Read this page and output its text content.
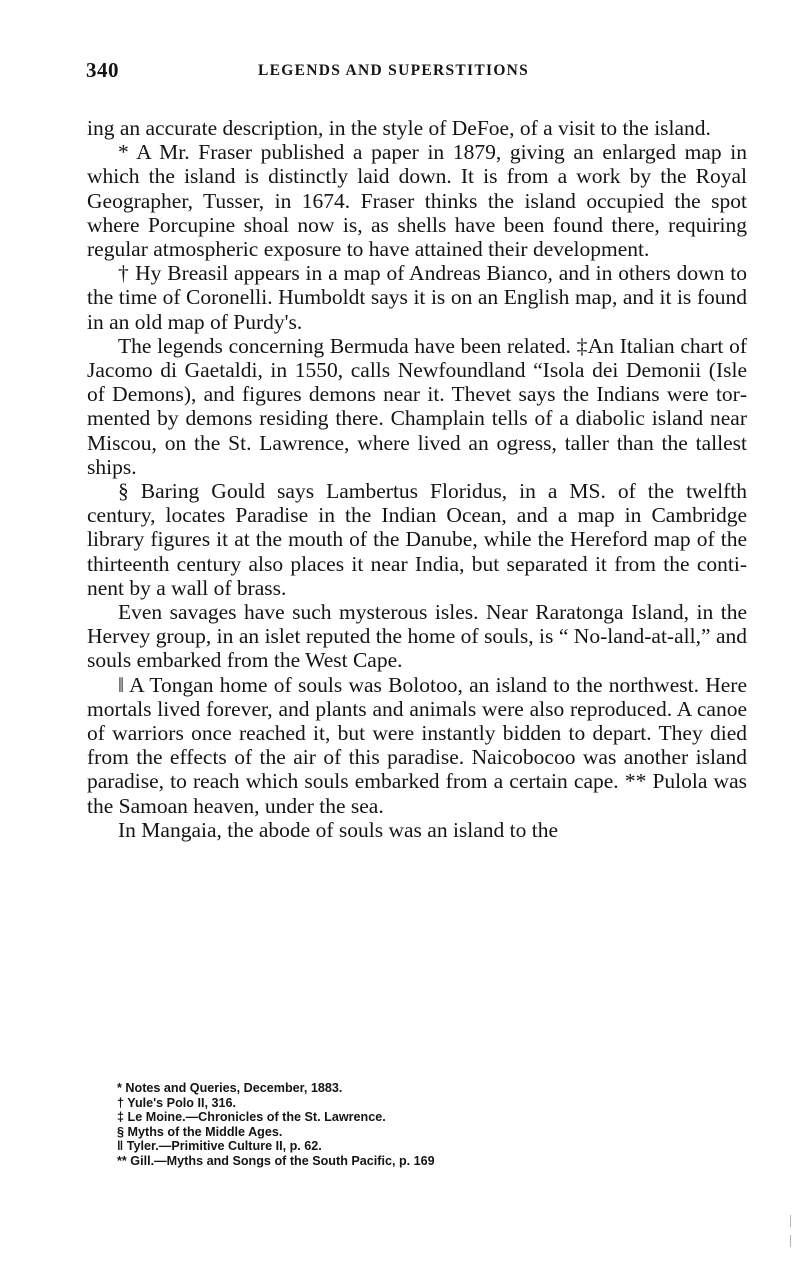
340	LEGENDS AND SUPERSTITIONS

ing an accurate description, in the style of DeFoe, of a visit to the island.

* A Mr. Fraser published a paper in 1879, giving an enlarged map in which the island is distinctly laid down. It is from a work by the Royal Geographer, Tusser, in 1674. Fraser thinks the island occupied the spot where Porcupine shoal now is, as shells have been found there, requiring regular atmospheric exposure to have attained their development.

† Hy Breasil appears in a map of Andreas Bianco, and in others down to the time of Coronelli. Humboldt says it is on an English map, and it is found in an old map of Purdy's.

The legends concerning Bermuda have been related. ‡An Italian chart of Jacomo di Gaetaldi, in 1550, calls Newfoundland “Isola dei Demonii (Isle of Demons), and figures demons near it. Thevet says the Indians were tormented by demons residing there. Champlain tells of a diabolic island near Miscou, on the St. Lawrence, where lived an ogress, taller than the tallest ships.

§ Baring Gould says Lambertus Floridus, in a MS. of the twelfth century, locates Paradise in the Indian Ocean, and a map in Cambridge library figures it at the mouth of the Danube, while the Hereford map of the thirteenth century also places it near India, but separated it from the continent by a wall of brass.

Even savages have such mysterous isles. Near Raratonga Island, in the Hervey group, in an islet reputed the home of souls, is “ No-land-at-all,” and souls embarked from the West Cape.

‖ A Tongan home of souls was Bolotoo, an island to the northwest. Here mortals lived forever, and plants and animals were also reproduced. A canoe of warriors once reached it, but were instantly bidden to depart. They died from the effects of the air of this paradise. Naicobocoo was another island paradise, to reach which souls embarked from a certain cape. ** Pulola was the Samoan heaven, under the sea.

In Mangaia, the abode of souls was an island to the

* Notes and Queries, December, 1883.
† Yule's Polo II, 316.
‡ Le Moine.—Chronicles of the St. Lawrence.
§ Myths of the Middle Ages.
‖ Tyler.—Primitive Culture II, p. 62.
** Gill.—Myths and Songs of the South Pacific, p. 169
